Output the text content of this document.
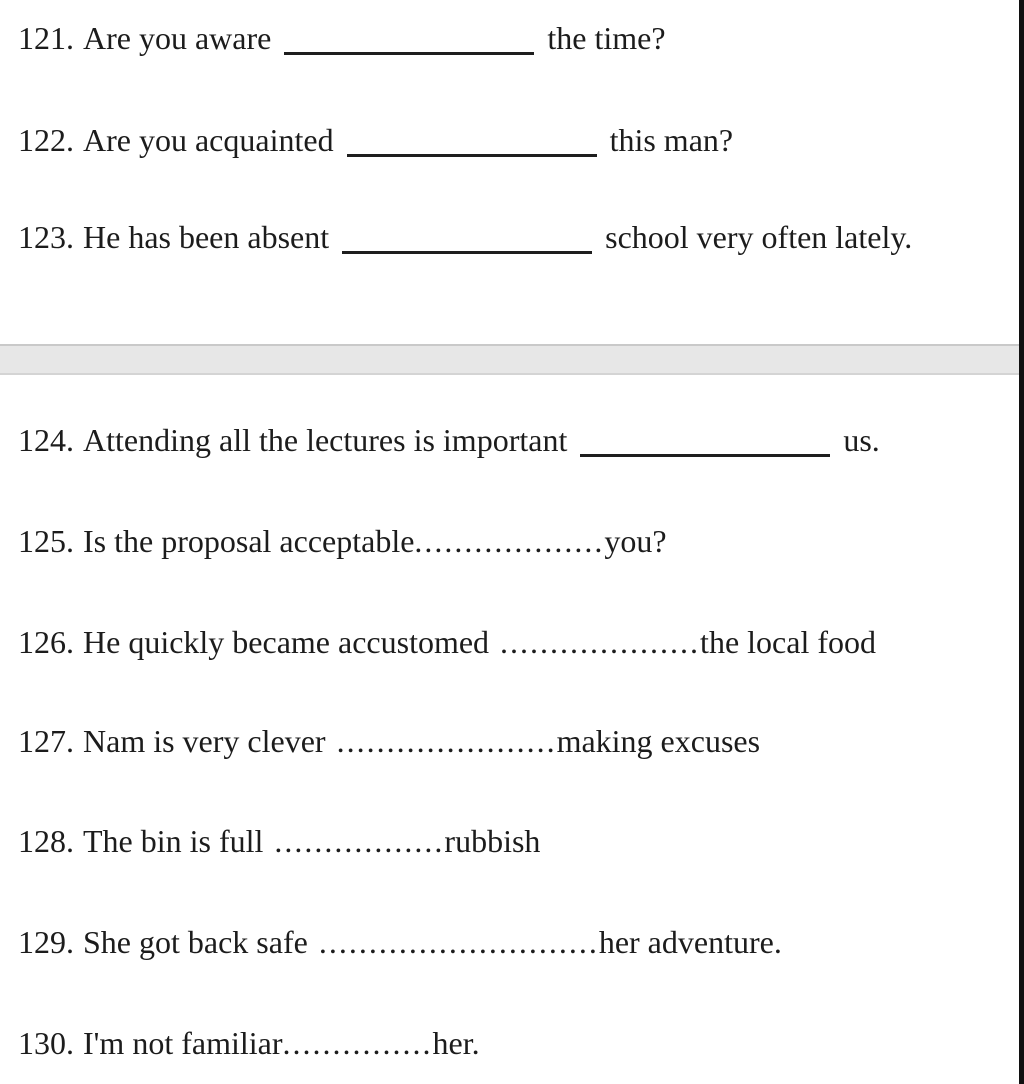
121. Are you aware	the time?
122. Are you acquainted	this man?
123. He has been absent	school very often lately.
124. Attending all the lectures is important	us.
125. Is the proposal acceptable...................you?
126. He quickly became accustomed ....................the local food
127. Nam is very clever ......................making excuses
128. The bin is full .................rubbish
129. She got back safe ............................her adventure.
130. I'm not familiar...............her.
